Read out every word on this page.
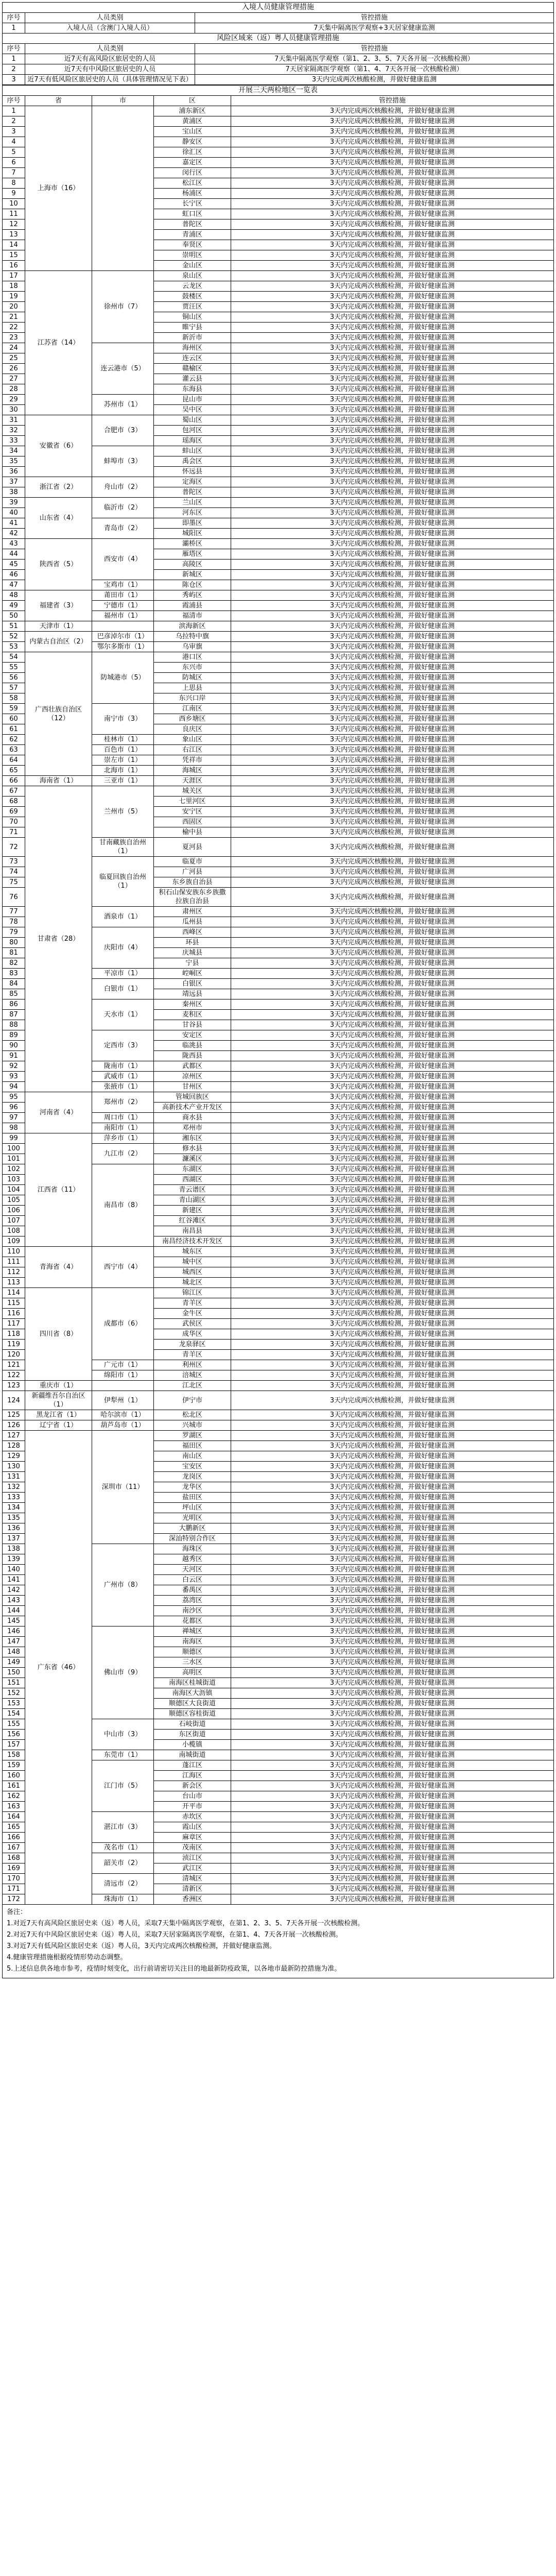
入境人员健康管理措施		
序号	人员类别	管控措施
1	入境人员（含澳门入境人员）	7天集中隔离医学观察+3天居家健康监测
风险区域来（返）粤人员健康管理措施		
序号	人员类别	管控措施
1	近7天有高风险区旅居史的人员	7天集中隔离医学观察（第1、2、3、5、7天各开展一次核酸检测）
2	近7天有中风险区旅居史的人员	7天居家隔离医学观察（第1、4、7天各开展一次核酸检测）
3	近7天有低风险区旅居史的人员（具体管理情况见下表）	3天内完成两次核酸检测，并做好健康监测
开展三天两检地区一览表				
序号	省	市	区	管控措施
1	上海市（16）		浦东新区	3天内完成两次核酸检测，并做好健康监测
2			黄浦区	3天内完成两次核酸检测，并做好健康监测
3			宝山区	3天内完成两次核酸检测，并做好健康监测
4			静安区	3天内完成两次核酸检测，并做好健康监测
5			徐汇区	3天内完成两次核酸检测，并做好健康监测
6			嘉定区	3天内完成两次核酸检测，并做好健康监测
7			闵行区	3天内完成两次核酸检测，并做好健康监测
8			松江区	3天内完成两次核酸检测，并做好健康监测
9			杨浦区	3天内完成两次核酸检测，并做好健康监测
10			长宁区	3天内完成两次核酸检测，并做好健康监测
11			虹口区	3天内完成两次核酸检测，并做好健康监测
12			普陀区	3天内完成两次核酸检测，并做好健康监测
13			青浦区	3天内完成两次核酸检测，并做好健康监测
14			奉贤区	3天内完成两次核酸检测，并做好健康监测
15			崇明区	3天内完成两次核酸检测，并做好健康监测
16			金山区	3天内完成两次核酸检测，并做好健康监测
17	江苏省（14）	徐州市（7）	泉山区	3天内完成两次核酸检测，并做好健康监测
18			云龙区	3天内完成两次核酸检测，并做好健康监测
19			鼓楼区	3天内完成两次核酸检测，并做好健康监测
20			贾汪区	3天内完成两次核酸检测，并做好健康监测
21			铜山区	3天内完成两次核酸检测，并做好健康监测
22			睢宁县	3天内完成两次核酸检测，并做好健康监测
23			新沂市	3天内完成两次核酸检测，并做好健康监测
24		连云港市（5）	海州区	3天内完成两次核酸检测，并做好健康监测
25			连云区	3天内完成两次核酸检测，并做好健康监测
26			赣榆区	3天内完成两次核酸检测，并做好健康监测
27			灌云县	3天内完成两次核酸检测，并做好健康监测
28			东海县	3天内完成两次核酸检测，并做好健康监测
29		苏州市（1）	昆山市	3天内完成两次核酸检测，并做好健康监测
30			吴中区	3天内完成两次核酸检测，并做好健康监测
31	安徽省（6）	合肥市（3）	蜀山区	3天内完成两次核酸检测，并做好健康监测
32			包河区	3天内完成两次核酸检测，并做好健康监测
33			瑶海区	3天内完成两次核酸检测，并做好健康监测
34		蚌埠市（3）	蚌山区	3天内完成两次核酸检测，并做好健康监测
35			禹会区	3天内完成两次核酸检测，并做好健康监测
36			怀远县	3天内完成两次核酸检测，并做好健康监测
37	浙江省（2）	舟山市（2）	定海区	3天内完成两次核酸检测，并做好健康监测
38			普陀区	3天内完成两次核酸检测，并做好健康监测
39	山东省（4）	临沂市（2）	兰山区	3天内完成两次核酸检测，并做好健康监测
40			河东区	3天内完成两次核酸检测，并做好健康监测
41		青岛市（2）	即墨区	3天内完成两次核酸检测，并做好健康监测
42			城阳区	3天内完成两次核酸检测，并做好健康监测
43	陕西省（5）	西安市（4）	灞桥区	3天内完成两次核酸检测，并做好健康监测
44			雁塔区	3天内完成两次核酸检测，并做好健康监测
45			高陵区	3天内完成两次核酸检测，并做好健康监测
46			新城区	3天内完成两次核酸检测，并做好健康监测
47		宝鸡市（1）	陈仓区	3天内完成两次核酸检测，并做好健康监测
48	福建省（3）	莆田市（1）	秀屿区	3天内完成两次核酸检测，并做好健康监测
49		宁德市（1）	霞浦县	3天内完成两次核酸检测，并做好健康监测
50		福州市（1）	福清市	3天内完成两次核酸检测，并做好健康监测
51	天津市（1）		滨海新区	3天内完成两次核酸检测，并做好健康监测
52	内蒙古自治区（2）	巴彦淖尔市（1）	乌拉特中旗	3天内完成两次核酸检测，并做好健康监测
53		鄂尔多斯市（1）	乌审旗	3天内完成两次核酸检测，并做好健康监测
54	广西壮族自治区（12）	防城港市（5）	港口区	3天内完成两次核酸检测，并做好健康监测
55			东兴市	3天内完成两次核酸检测，并做好健康监测
56			防城区	3天内完成两次核酸检测，并做好健康监测
57			上思县	3天内完成两次核酸检测，并做好健康监测
58			东兴口岸	3天内完成两次核酸检测，并做好健康监测
59		南宁市（3）	江南区	3天内完成两次核酸检测，并做好健康监测
60			西乡塘区	3天内完成两次核酸检测，并做好健康监测
61			良庆区	3天内完成两次核酸检测，并做好健康监测
62		桂林市（1）	象山区	3天内完成两次核酸检测，并做好健康监测
63		百色市（1）	右江区	3天内完成两次核酸检测，并做好健康监测
64		崇左市（1）	凭祥市	3天内完成两次核酸检测，并做好健康监测
65		北海市（1）	海城区	3天内完成两次核酸检测，并做好健康监测
66	海南省（1）	三亚市（1）	天涯区	3天内完成两次核酸检测，并做好健康监测
67	甘肃省（28）	兰州市（5）	城关区	3天内完成两次核酸检测，并做好健康监测
68			七里河区	3天内完成两次核酸检测，并做好健康监测
69			安宁区	3天内完成两次核酸检测，并做好健康监测
70			西固区	3天内完成两次核酸检测，并做好健康监测
71			榆中县	3天内完成两次核酸检测，并做好健康监测
72		甘南藏族自治州（1）	夏河县	3天内完成两次核酸检测，并做好健康监测
73		临夏回族自治州（1）	临夏市	3天内完成两次核酸检测，并做好健康监测
74			广河县	3天内完成两次核酸检测，并做好健康监测
75			东乡族自治县	3天内完成两次核酸检测，并做好健康监测
76			积石山保安族东乡族撒拉族自治县	3天内完成两次核酸检测，并做好健康监测
77		酒泉市（1）	肃州区	3天内完成两次核酸检测，并做好健康监测
78			瓜州县	3天内完成两次核酸检测，并做好健康监测
79		庆阳市（4）	西峰区	3天内完成两次核酸检测，并做好健康监测
80			环县	3天内完成两次核酸检测，并做好健康监测
81			庆城县	3天内完成两次核酸检测，并做好健康监测
82			宁县	3天内完成两次核酸检测，并做好健康监测
83		平凉市（1）	崆峒区	3天内完成两次核酸检测，并做好健康监测
84		白银市（1）	白银区	3天内完成两次核酸检测，并做好健康监测
85			靖远县	3天内完成两次核酸检测，并做好健康监测
86		天水市（1）	秦州区	3天内完成两次核酸检测，并做好健康监测
87			麦积区	3天内完成两次核酸检测，并做好健康监测
88			甘谷县	3天内完成两次核酸检测，并做好健康监测
89		定西市（3）	安定区	3天内完成两次核酸检测，并做好健康监测
90			临洮县	3天内完成两次核酸检测，并做好健康监测
91			陇西县	3天内完成两次核酸检测，并做好健康监测
92		陇南市（1）	武都区	3天内完成两次核酸检测，并做好健康监测
93		武威市（1）	凉州区	3天内完成两次核酸检测，并做好健康监测
94		张掖市（1）	甘州区	3天内完成两次核酸检测，并做好健康监测
95	河南省（4）	郑州市（2）	管城回族区	3天内完成两次核酸检测，并做好健康监测
96			高新技术产业开发区	3天内完成两次核酸检测，并做好健康监测
97		周口市（1）	商水县	3天内完成两次核酸检测，并做好健康监测
98		南阳市（1）	邓州市	3天内完成两次核酸检测，并做好健康监测
99	江西省（11）	萍乡市（1）	湘东区	3天内完成两次核酸检测，并做好健康监测
100		九江市（2）	修水县	3天内完成两次核酸检测，并做好健康监测
101			濂溪区	3天内完成两次核酸检测，并做好健康监测
102		南昌市（8）	东湖区	3天内完成两次核酸检测，并做好健康监测
103			西湖区	3天内完成两次核酸检测，并做好健康监测
104			青云谱区	3天内完成两次核酸检测，并做好健康监测
105			青山湖区	3天内完成两次核酸检测，并做好健康监测
106			新建区	3天内完成两次核酸检测，并做好健康监测
107			红谷滩区	3天内完成两次核酸检测，并做好健康监测
108			南昌县	3天内完成两次核酸检测，并做好健康监测
109			南昌经济技术开发区	3天内完成两次核酸检测，并做好健康监测
110	青海省（4）	西宁市（4）	城东区	3天内完成两次核酸检测，并做好健康监测
111			城中区	3天内完成两次核酸检测，并做好健康监测
112			城西区	3天内完成两次核酸检测，并做好健康监测
113			城北区	3天内完成两次核酸检测，并做好健康监测
114	四川省（8）	成都市（6）	锦江区	3天内完成两次核酸检测，并做好健康监测
115			青羊区	3天内完成两次核酸检测，并做好健康监测
116			金牛区	3天内完成两次核酸检测，并做好健康监测
117			武侯区	3天内完成两次核酸检测，并做好健康监测
118			成华区	3天内完成两次核酸检测，并做好健康监测
119			龙泉驿区	3天内完成两次核酸检测，并做好健康监测
120			青羊区	3天内完成两次核酸检测，并做好健康监测
121		广元市（1）	利州区	3天内完成两次核酸检测，并做好健康监测
122		绵阳市（1）	涪城区	3天内完成两次核酸检测，并做好健康监测
123	重庆市（1）		江北区	3天内完成两次核酸检测，并做好健康监测
124	新疆维吾尔自治区（1）	伊犁州（1）	伊宁市	3天内完成两次核酸检测，并做好健康监测
125	黑龙江省（1）	哈尔滨市（1）	松北区	3天内完成两次核酸检测，并做好健康监测
126	辽宁省（1）	葫芦岛市（1）	兴城市	3天内完成两次核酸检测，并做好健康监测
127	广东省（46）	深圳市（11）	罗湖区	3天内完成两次核酸检测，并做好健康监测
128			福田区	3天内完成两次核酸检测，并做好健康监测
129			南山区	3天内完成两次核酸检测，并做好健康监测
130			宝安区	3天内完成两次核酸检测，并做好健康监测
131			龙岗区	3天内完成两次核酸检测，并做好健康监测
132			龙华区	3天内完成两次核酸检测，并做好健康监测
133			盐田区	3天内完成两次核酸检测，并做好健康监测
134			坪山区	3天内完成两次核酸检测，并做好健康监测
135			光明区	3天内完成两次核酸检测，并做好健康监测
136			大鹏新区	3天内完成两次核酸检测，并做好健康监测
137			深汕特别合作区	3天内完成两次核酸检测，并做好健康监测
138		广州市（8）	海珠区	3天内完成两次核酸检测，并做好健康监测
139			越秀区	3天内完成两次核酸检测，并做好健康监测
140			天河区	3天内完成两次核酸检测，并做好健康监测
141			白云区	3天内完成两次核酸检测，并做好健康监测
142			番禺区	3天内完成两次核酸检测，并做好健康监测
143			荔湾区	3天内完成两次核酸检测，并做好健康监测
144			南沙区	3天内完成两次核酸检测，并做好健康监测
145			花都区	3天内完成两次核酸检测，并做好健康监测
146		佛山市（9）	禅城区	3天内完成两次核酸检测，并做好健康监测
147			南海区	3天内完成两次核酸检测，并做好健康监测
148			顺德区	3天内完成两次核酸检测，并做好健康监测
149			三水区	3天内完成两次核酸检测，并做好健康监测
150			高明区	3天内完成两次核酸检测，并做好健康监测
151			南海区桂城街道	3天内完成两次核酸检测，并做好健康监测
152			南海区大沥镇	3天内完成两次核酸检测，并做好健康监测
153			顺德区大良街道	3天内完成两次核酸检测，并做好健康监测
154			顺德区容桂街道	3天内完成两次核酸检测，并做好健康监测
155		中山市（3）	石岐街道	3天内完成两次核酸检测，并做好健康监测
156			东区街道	3天内完成两次核酸检测，并做好健康监测
157			小榄镇	3天内完成两次核酸检测，并做好健康监测
158		东莞市（1）	南城街道	3天内完成两次核酸检测，并做好健康监测
159		江门市（5）	蓬江区	3天内完成两次核酸检测，并做好健康监测
160			江海区	3天内完成两次核酸检测，并做好健康监测
161			新会区	3天内完成两次核酸检测，并做好健康监测
162			台山市	3天内完成两次核酸检测，并做好健康监测
163			开平市	3天内完成两次核酸检测，并做好健康监测
164		湛江市（3）	赤坎区	3天内完成两次核酸检测，并做好健康监测
165			霞山区	3天内完成两次核酸检测，并做好健康监测
166			麻章区	3天内完成两次核酸检测，并做好健康监测
167		茂名市（1）	茂南区	3天内完成两次核酸检测，并做好健康监测
168		韶关市（2）	浈江区	3天内完成两次核酸检测，并做好健康监测
169			武江区	3天内完成两次核酸检测，并做好健康监测
170		清远市（2）	清城区	3天内完成两次核酸检测，并做好健康监测
171			清新区	3天内完成两次核酸检测，并做好健康监测
172		珠海市（1）	香洲区	3天内完成两次核酸检测，并做好健康监测

备注：

1.对近7天有高风险区旅居史来（返）粤人员，采取7天集中隔离医学观察，在第1、2、3、5、7天各开展一次核酸检测。

2.对近7天有中风险区旅居史来（返）粤人员，采取7天居家隔离医学观察，在第1、4、7天各开展一次核酸检测。

3.对近7天有低风险区旅居史来（返）粤人员，3天内完成两次核酸检测，并做好健康监测。

4.健康管理措施根据疫情形势动态调整。

5.上述信息供各地市参考，疫情时刻变化，出行前请密切关注目的地最新防疫政策，以各地市最新防控措施为准。
